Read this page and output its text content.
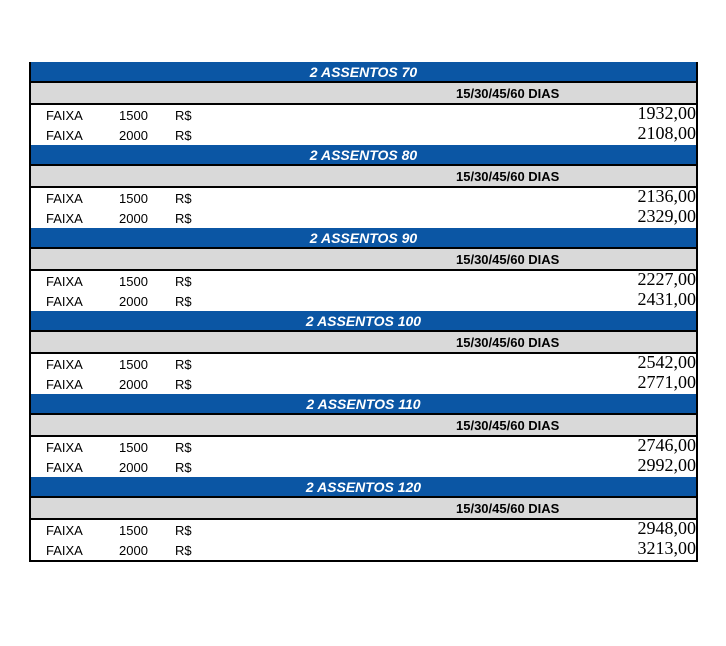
2 ASSENTOS 70
15/30/45/60 DIAS
FAIXA	1500 R$	1932,00
FAIXA	2000 R$	2108,00
2 ASSENTOS 80
15/30/45/60 DIAS
FAIXA	1500 R$	2136,00
FAIXA	2000 R$	2329,00
2 ASSENTOS 90
15/30/45/60 DIAS
FAIXA	1500 R$	2227,00
FAIXA	2000 R$	2431,00
2 ASSENTOS 100
15/30/45/60 DIAS
FAIXA	1500 R$	2542,00
FAIXA	2000 R$	2771,00
2 ASSENTOS 110
15/30/45/60 DIAS
FAIXA	1500 R$	2746,00
FAIXA	2000 R$	2992,00
2 ASSENTOS 120
15/30/45/60 DIAS
FAIXA	1500 R$	2948,00
FAIXA	2000 R$	3213,00
